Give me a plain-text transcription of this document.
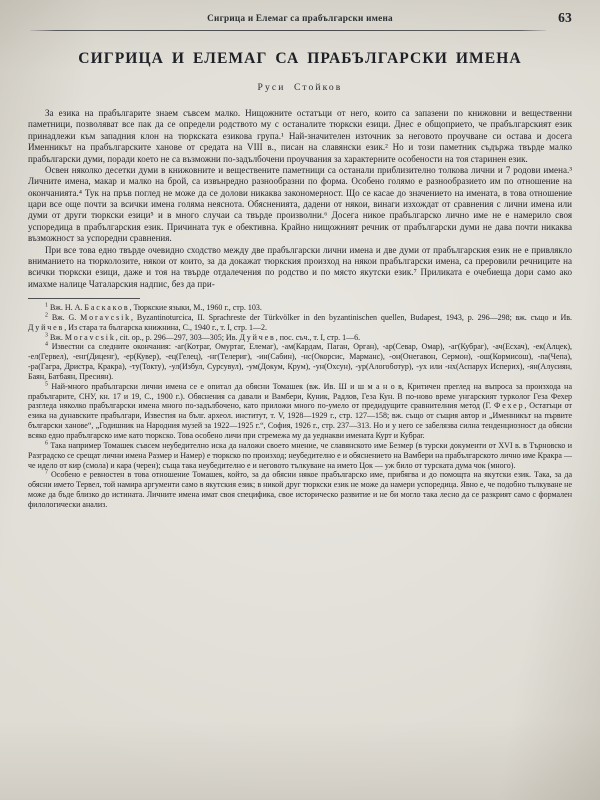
Сигрица и Елемаг са прабългарски имена	63
СИГРИЦА И ЕЛЕМАГ СА ПРАБЪЛГАРСКИ ИМЕНА
Руси Стойков

За езика на прабългарите знаем съвсем малко. Нищожните остатъци от него, които са запазени по книжовни и вещественни паметници, позволяват все пак да се определи родството му с останалите тюркски езици. Днес е общоприето, че прабългарският език принадлежи към западния клон на тюркската езикова група.¹ Най-значителен източник за неговото проучване си остава и досега Именникът на прабългарските ханове от средата на VIII в., писан на славянски език.² Но и този паметник съдържа твърде малко прабългарски думи, поради което не са възможни по-задълбочени проучвания за характерните особености на тоя старинен език.

Освен няколко десетки думи в книжовните и веществените паметници са останали приблизително толкова лични и 7 родови имена.³ Личните имена, макар и малко на брой, са извънредно разнообразни по форма. Особено голямо е разнообразието им по отношение на окончанията.⁴ Тук на пръв поглед не може да се долови никаква закономерност. Що се касае до значението на имената, в това отношение цари все още почти за всички имена голяма неяснота. Обясненията, дадени от някои, винаги изхождат от сравнения с лични имена или думи от други тюркски езици⁵ и в много случаи са твърде произволни.⁶ Досега никое прабългарско лично име не е намерило своя успоредица в прабългарския език. Причината тук е обективна. Крайно нищожният речник от прабългарски думи не дава почти никаква възможност за успоредни сравнения.

При все това едно твърде очевидно сходство между две прабългарски лични имена и две думи от прабългарския език не е привлякло вниманието на тюрколозите, някои от които, за да докажат тюркския произход на някои прабългарски имена, са преровили речниците на всички тюркски езици, даже и тоя на твърде отдалечения по родство и по място якутски език.⁷ Приликата е очебиеща дори само ако имахме налице Чаталарския надпис, без да при-

$^1$ Вж. Н. А. Баскаков, Тюркские языки, М., 1960 г., стр. 103.

$^2$ Вж. G. Moravcsik, Byzantinoturcica, II. Sprachreste der Türkvölker in den byzantinischen quellen, Budapest, 1943, p. 296—298; вж. също и Ив. Дуйчев, Из стара та българска книжнина, С., 1940 г., т. I, стр. 1—2.

$^3$ Вж. Moravcsik, cit. op., p. 296—297, 303—305; Ив. Дуйчев, пос. съч., т. I, стр. 1—6.

$^4$ Известни са следните окончания: -аг(Котраг, Омуртаг, Елемаг), -ам(Кардам, Паган, Орган), -ар(Севар, Омар), -аг(Кубраг), -ач(Есхач), -ек(Алцек), -ел(Гервел), -енг(Диценг), -ер(Кувер), -ец(Гелец), -нг(Телериг), -ин(Сабин), -нс(Окорсис, Марманс), -он(Онегавон, Сермон), -ош(Кормисош), -па(Чепа), -ра(Гагра, Дристра, Кракра), -ту(Токту), -ул(Избул, Сурсувул), -ум(Докум, Крум), -ун(Охсун), -ур(Алогоботур), -ух или -нх(Аспарух Исперих), -ян(Алусиян, Баян, Батбаян, Пресиян).

$^5$ Най-много прабългарски лични имена се е опитал да обясни Томашек (вж. Ив. Ш и ш м а н о в, Критичен преглед на въпроса за произхода на прабългарите, СНУ, кн. 17 и 19, С., 1900 г.). Обяснения са давали и Вамбери, Куник, Радлов, Геза Кун. В по-ново време унгарският туркoлог Геза Фехер разгледа няколко прабългарски имена много по-задълбочено, като приложи много по-умело от предидущите сравнителния метод (Г. Фехер, Остатъци от езика на дунавските прабългари, Известия на бълг. археол. институт, т. V, 1928—1929 г., стр. 127—158; вж. също от същия автор и „Именникът на първите български ханове“, „Годишник на Народния музей за 1922—1925 г.“, София, 1926 г., стр. 237—313. Но и у него се забелязва силна тенденциозност да обясни всяко едно прабългарско име като тюркско. Това особено личи при стремежа му да уеднакви имената Курт и Кубраг.

$^6$ Така например Томашек съвсем неубедително иска да наложи своето мнение, че славянското име Безмер (в турски документи от XVI в. в Търновско и Разградско се срещат лични имена Размер и Намер) е тюркско по произход; неубедително е и обяснението на Вамбери на прабългарското лично име Кракра — че идело от кир (смола) и кара (черен); съща така неубедително е и неговото тълкуване на името Цок — уж било от турската дума чок (много).

$^7$ Особено е ревностен в това отношение Томашек, който, за да обясни някое прабългарско име, прибягва и до помощта на якутски език. Така, за да обясни името Тервел, той намира аргументи само в якутския език; в никой друг тюркски език не може да намери успоредица. Явно е, че подобно тълкуване не може да бъде близко до истината. Личните имена имат своя специфика, свое историческо развитие и не би могло така лесно да се разкрият само с формален филологически анализ.
